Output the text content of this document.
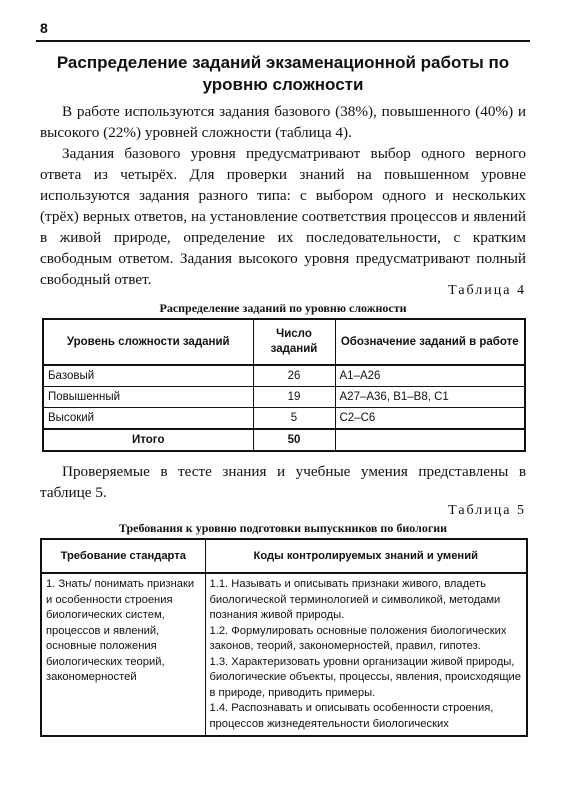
8
Распределение заданий экзаменационной работы по уровню сложности

В работе используются задания базового (38%), повышенного (40%) и высокого (22%) уровней сложности (таблица 4).

Задания базового уровня предусматривают выбор одного верного ответа из четырёх. Для проверки знаний на повышенном уровне используются задания разного типа: с выбором одного и нескольких (трёх) верных ответов, на установление соответствия процессов и явлений в живой природе, определение их последовательности, с кратким свободным ответом. Задания высокого уровня предусматривают полный свободный ответ.

Таблица 4
Распределение заданий по уровню сложности
Уровень сложности заданий	Число заданий	Обозначение заданий в работе
Базовый	26	А1–А26
Повышенный	19	А27–А36, В1–В8, С1
Высокий	5	С2–С6
Итого	50	

Проверяемые в тесте знания и учебные умения представлены в таблице 5.

Таблица 5
Требования к уровню подготовки выпускников по биологии
Требование стандарта	Коды контролируемых знаний и умений
1. Знать/ понимать признаки и особенности строения биологических систем, процессов и явлений, основные положения биологических теорий, закономерностей	1.1. Называть и описывать признаки живого, владеть биологической терминологией и символикой, методами познания живой природы.
1.2. Формулировать основные положения биологических законов, теорий, закономерностей, правил, гипотез.
1.3. Характеризовать уровни организации живой природы, биологические объекты, процессы, явления, происходящие в природе, приводить примеры.
1.4. Распознавать и описывать особенности строения, процессов жизнедеятельности биологических
